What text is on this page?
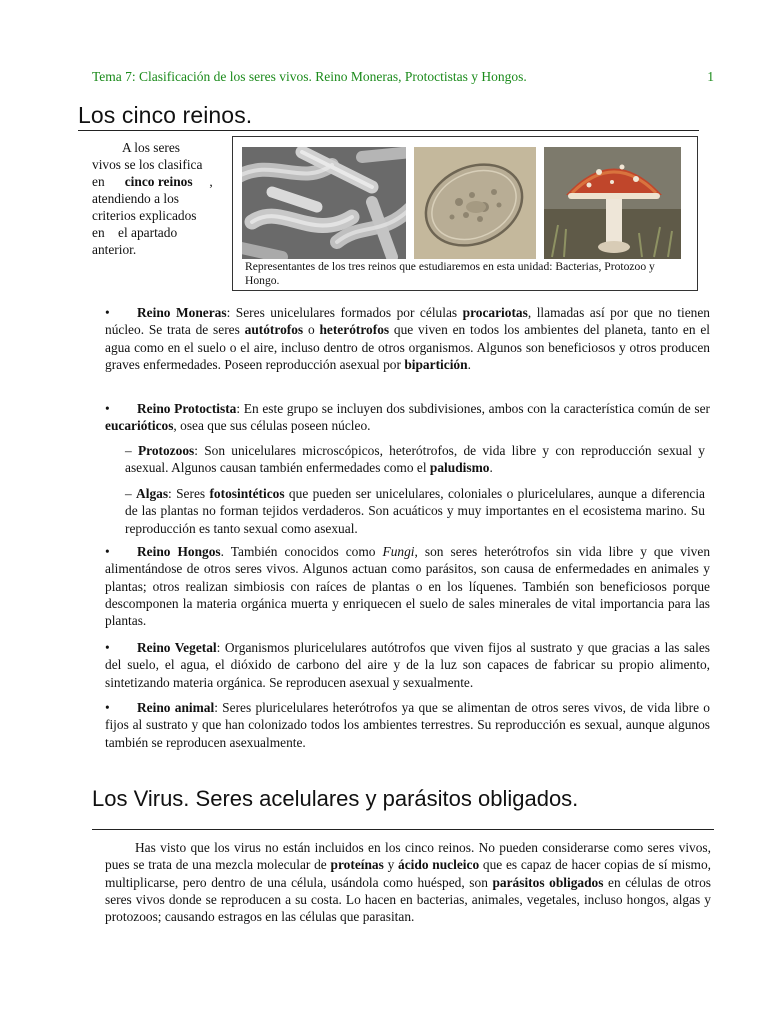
Tema 7: Clasificación de los seres vivos. Reino Moneras, Protoctistas y Hongos.	1
Los cinco reinos.
A los seres
vivos se los clasifica
en cinco reinos ,
atendiendo a los
criterios explicados
en el apartado
anterior.
Representantes de los tres reinos que estudiaremos en esta unidad: Bacterias, Protozoo y Hongo.

• Reino Moneras: Seres unicelulares formados por células procariotas, llamadas así por que no tienen núcleo. Se trata de seres autótrofos o heterótrofos que viven en todos los ambientes del planeta, tanto en el agua como en el suelo o el aire, incluso dentro de otros organismos. Algunos son beneficiosos y otros producen graves enfermedades. Poseen reproducción asexual por bipartición.

• Reino Protoctista: En este grupo se incluyen dos subdivisiones, ambos con la característica común de ser eucarióticos, osea que sus células poseen núcleo.

– Protozoos: Son unicelulares microscópicos, heterótrofos, de vida libre y con reproducción sexual y asexual. Algunos causan también enfermedades como el paludismo.

– Algas: Seres fotosintéticos que pueden ser unicelulares, coloniales o pluricelulares, aunque a diferencia de las plantas no forman tejidos verdaderos. Son acuáticos y muy importantes en el ecosistema marino. Su reproducción es tanto sexual como asexual.

• Reino Hongos. También conocidos como Fungi, son seres heterótrofos sin vida libre y que viven alimentándose de otros seres vivos. Algunos actuan como parásitos, son causa de enfermedades en animales y plantas; otros realizan simbiosis con raíces de plantas o en los líquenes. También son beneficiosos porque descomponen la materia orgánica muerta y enriquecen el suelo de sales minerales de vital importancia para las plantas.

• Reino Vegetal: Organismos pluricelulares autótrofos que viven fijos al sustrato y que gracias a las sales del suelo, el agua, el dióxido de carbono del aire y de la luz son capaces de fabricar su propio alimento, sintetizando materia orgánica. Se reproducen asexual y sexualmente.

• Reino animal: Seres pluricelulares heterótrofos ya que se alimentan de otros seres vivos, de vida libre o fijos al sustrato y que han colonizado todos los ambientes terrestres. Su reproducción es sexual, aunque algunos también se reproducen asexualmente.

Los Virus. Seres acelulares y parásitos obligados.
Has visto que los virus no están incluidos en los cinco reinos. No pueden considerarse como seres vivos, pues se trata de una mezcla molecular de proteínas y ácido nucleico que es capaz de hacer copias de sí mismo, multiplicarse, pero dentro de una célula, usándola como huésped, son parásitos obligados en células de otros seres vivos donde se reproducen a su costa. Lo hacen en bacterias, animales, vegetales, incluso hongos, algas y protozoos; causando estragos en las células que parasitan.
